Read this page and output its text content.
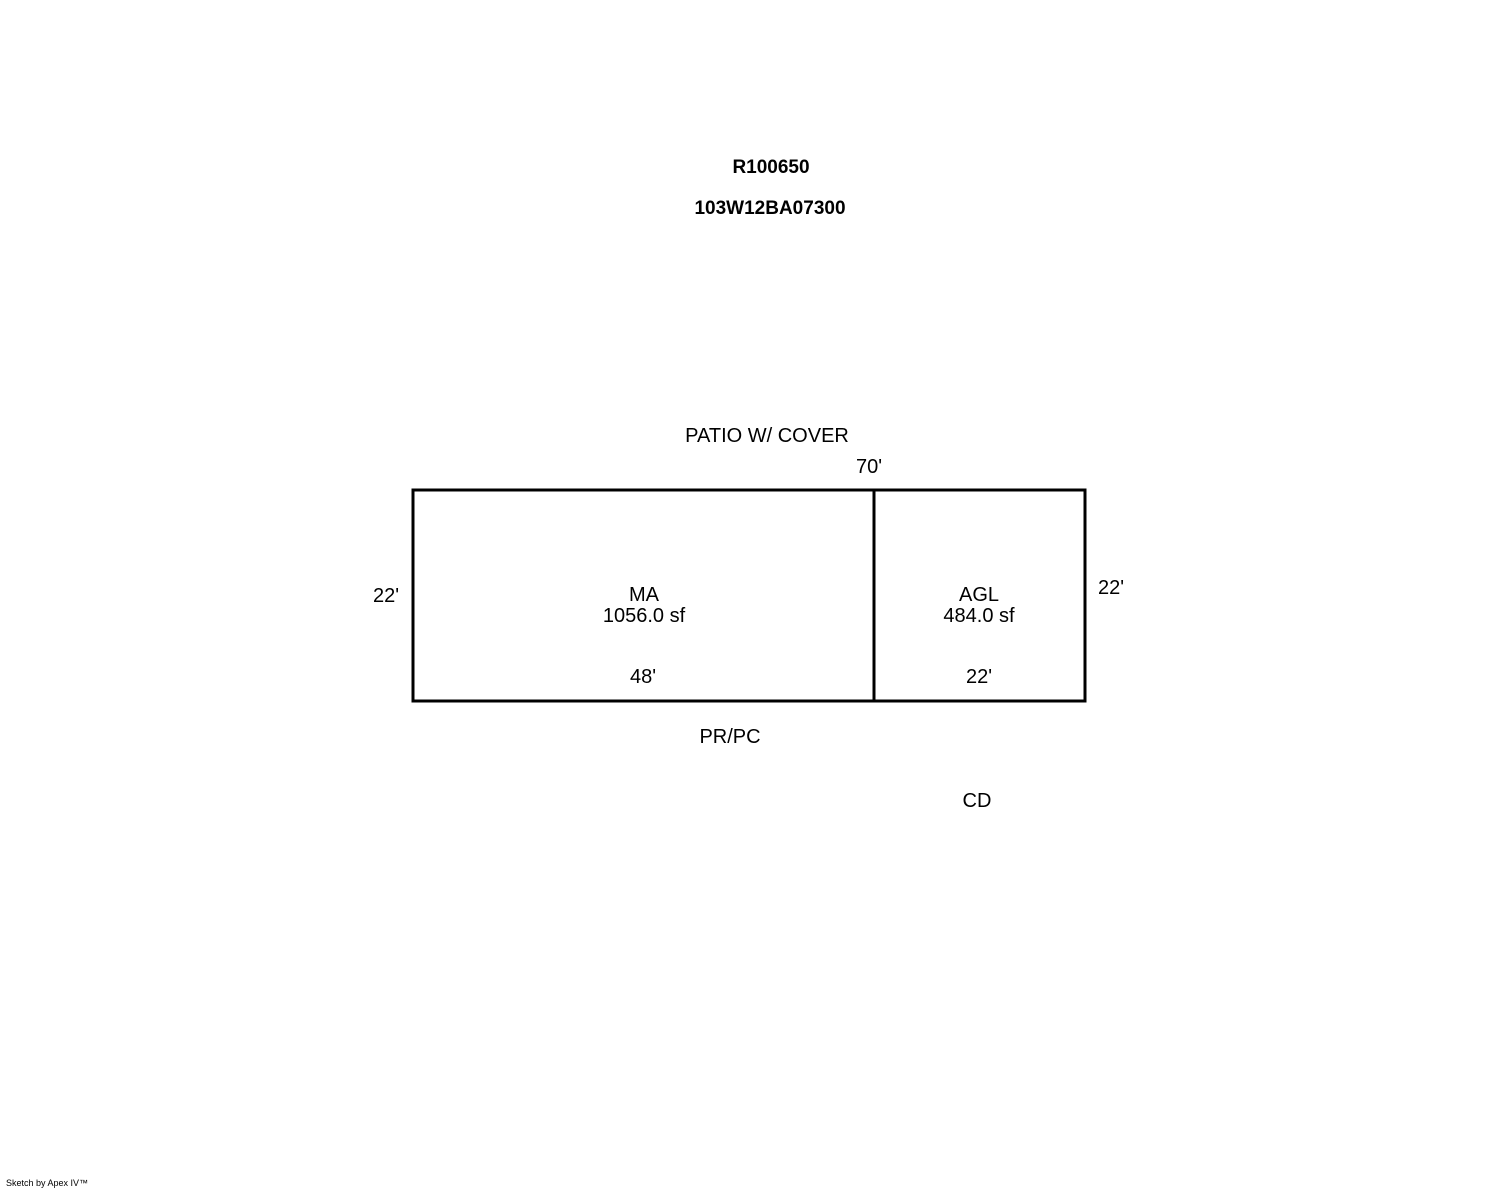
R100650
103W12BA07300
PATIO W/ COVER
70'
22'	22'
MA
1056.0 sf
48'
AGL
484.0 sf
22'
PR/PC
CD
Sketch by Apex IV™
